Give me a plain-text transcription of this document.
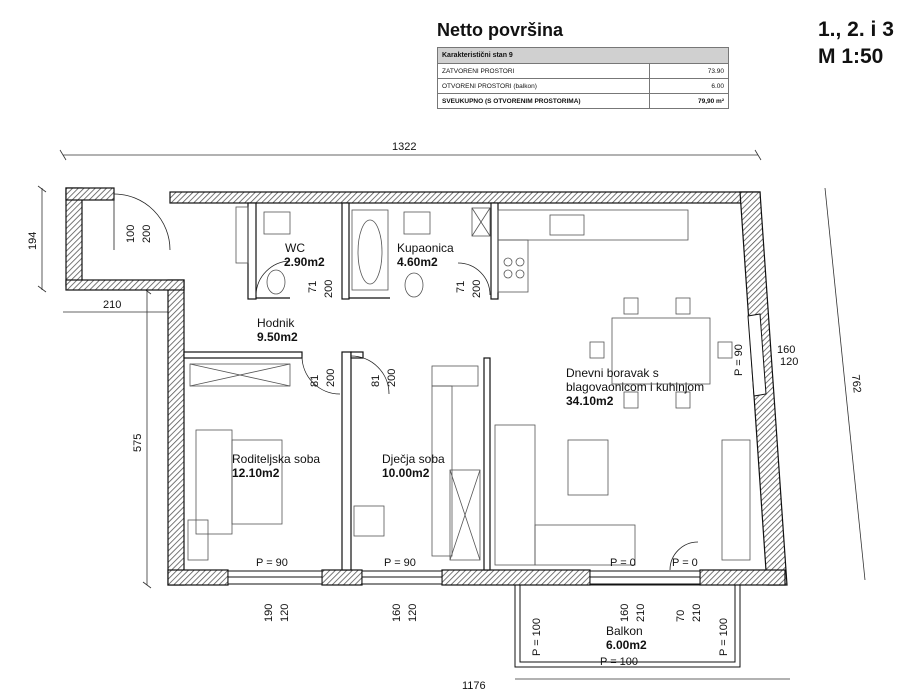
Netto površina	1., 2. i 3
M 1:50
Karakteristični stan 9	
ZATVORENI PROSTORI	73.90
OTVORENI PROSTORI (balkon)	6.00
SVEUKUPNO (S OTVORENIM PROSTORIMA)	79,90 m²
WC
2.90m2
Kupaonica
4.60m2
Hodnik
9.50m2
Dnevni boravak s
blagovaonicom i kuhinjom
34.10m2
Roditeljska soba
12.10m2
Dječja soba
10.00m2
Balkon
6.00m2
1322
1176
210
194
575
762
100 200
71 200	71 200
81 200	81 200
160
120
190 120	160 120	160 210	70 210
P = 90	P = 90
P = 90
P = 0	P = 0
P = 100	P = 100
P = 100
